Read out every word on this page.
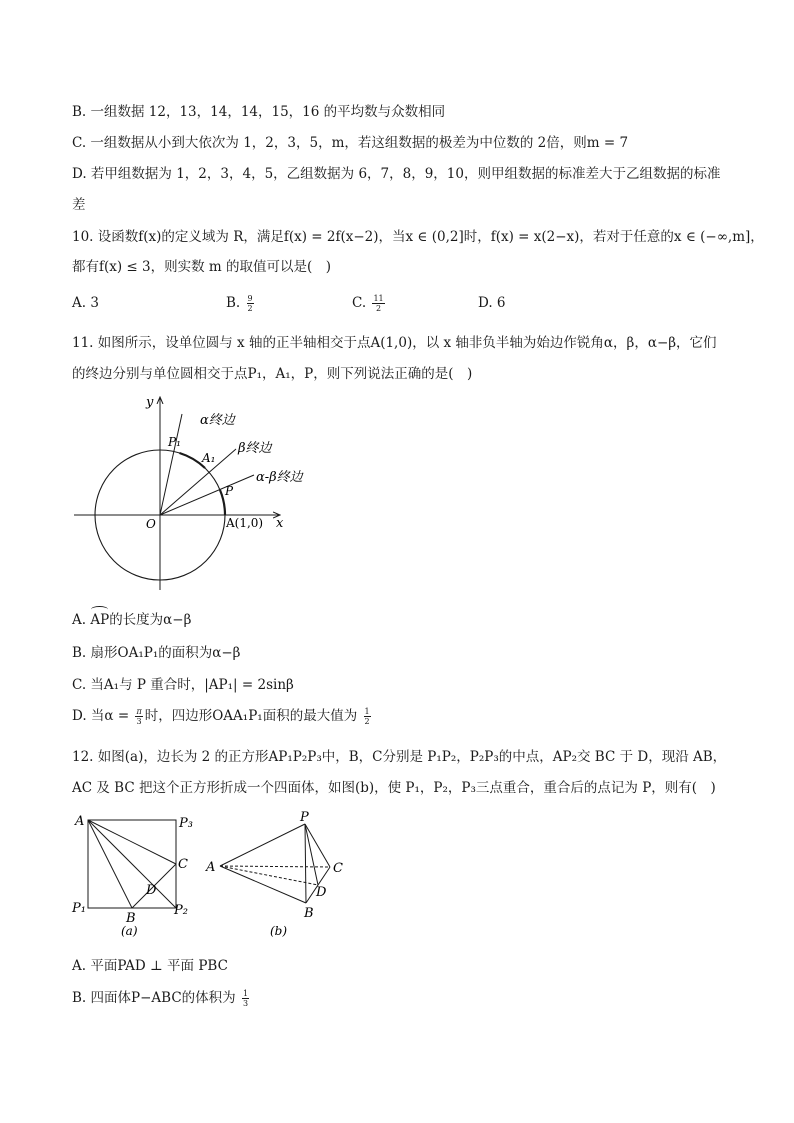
B. 一组数据 12，13，14，14，15，16 的平均数与众数相同
C. 一组数据从小到大依次为 1，2，3，5，m，若这组数据的极差为中位数的 2倍，则m = 7
D. 若甲组数据为 1，2，3，4，5，乙组数据为 6，7，8，9，10，则甲组数据的标准差大于乙组数据的标准
差
10. 设函数f(x)的定义域为 R，满足f(x) = 2f(x−2)，当x ∈ (0,2]时，f(x) = x(2−x)，若对于任意的x ∈ (−∞,m]，
都有f(x) ≤ 3，则实数 m 的取值可以是(　)
A. 3	B. $\frac{9}{2}$	C. $\frac{11}{2}$	D. 6
11. 如图所示，设单位圆与 x 轴的正半轴相交于点A(1,0)，以 x 轴非负半轴为始边作锐角α，β，α−β，它们
的终边分别与单位圆相交于点P₁，A₁，P，则下列说法正确的是(　)
y
x
O	A(1,0)
P₁
A₁
P
α终边
β终边
α-β终边
A. AP的长度为α−β
B. 扇形OA₁P₁的面积为α−β
C. 当A₁与 P 重合时，|AP₁| = 2sinβ
D. 当$\alpha = \frac{\pi}{3}$ 时，四边形OAA₁P₁面积的最大值为 $\frac{1}{2}$
12. 如图(a)，边长为 2 的正方形AP₁P₂P₃中，B，C分别是 P₁P₂，P₂P₃的中点，AP₂交 BC 于 D，现沿 AB，
AC 及 BC 把这个正方形折成一个四面体，如图(b)，使 P₁，P₂，P₃三点重合，重合后的点记为 P，则有(　)
A	P₃
C
D
P₁
B
P₂
(a)
P
A	C
D
B
(b)
A. 平面PAD ⊥ 平面 PBC
B. 四面体P−ABC的体积为 $\frac{1}{3}$
